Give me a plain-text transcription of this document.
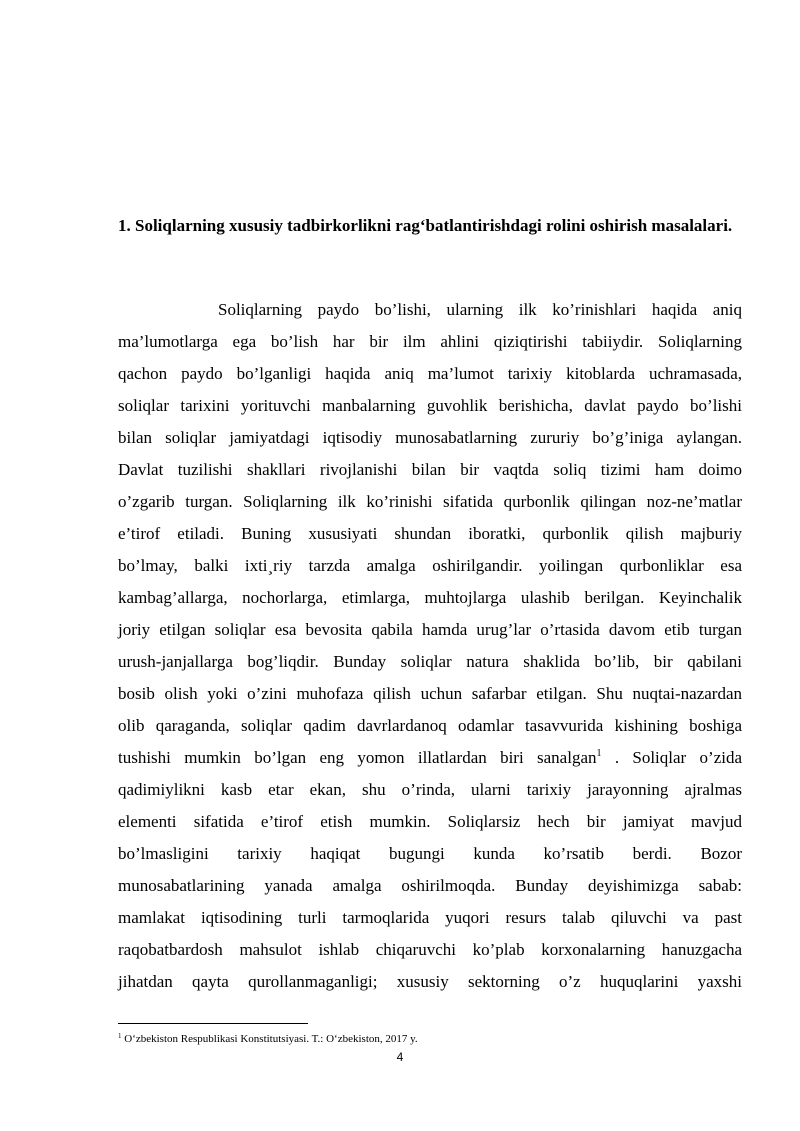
1. Soliqlarning xususiy tadbirkorlikni rag‘batlantirishdagi rolini oshirish masalalari.
Soliqlarning paydo bo’lishi, ularning ilk ko’rinishlari haqida aniq
ma’lumotlarga ega bo’lish har bir ilm ahlini qiziqtirishi tabiiydir. Soliqlarning
qachon paydo bo’lganligi haqida aniq ma’lumot tarixiy kitoblarda uchramasada,
soliqlar tarixini yorituvchi manbalarning guvohlik berishicha, davlat paydo bo’lishi
bilan soliqlar jamiyatdagi iqtisodiy munosabatlarning zururiy bo’g’iniga aylangan.
Davlat tuzilishi shakllari rivojlanishi bilan bir vaqtda soliq tizimi ham doimo
o’zgarib turgan. Soliqlarning ilk ko’rinishi sifatida qurbonlik qilingan noz-ne’matlar
e’tirof etiladi. Buning xususiyati shundan iboratki, qurbonlik qilish majburiy
bo’lmay, balki ixti¸riy tarzda amalga oshirilgandir. yoilingan qurbonliklar esa
kambag’allarga, nochorlarga, etimlarga, muhtojlarga ulashib berilgan. Keyinchalik
joriy etilgan soliqlar esa bevosita qabila hamda urug’lar o’rtasida davom etib turgan
urush-janjallarga bog’liqdir. Bunday soliqlar natura shaklida bo’lib, bir qabilani
bosib olish yoki o’zini muhofaza qilish uchun safarbar etilgan. Shu nuqtai-nazardan
olib qaraganda, soliqlar qadim davrlardanoq odamlar tasavvurida kishining boshiga
tushishi mumkin bo’lgan eng yomon illatlardan biri sanalgan$^1$ . Soliqlar o’zida
qadimiylikni kasb etar ekan, shu o’rinda, ularni tarixiy jarayonning ajralmas
elementi sifatida e’tirof etish mumkin. Soliqlarsiz hech bir jamiyat mavjud
bo’lmasligini tarixiy haqiqat bugungi kunda ko’rsatib berdi. Bozor
munosabatlarining yanada amalga oshirilmoqda. Bunday deyishimizga sabab:
mamlakat iqtisodining turli tarmoqlarida yuqori resurs talab qiluvchi va past
raqobatbardosh mahsulot ishlab chiqaruvchi ko’plab korxonalarning hanuzgacha
jihatdan qayta qurollanmaganligi; xususiy sektorning o’z huquqlarini yaxshi
$^1$ O‘zbekiston Respublikasi Konstitutsiyasi. T.: O‘zbekiston, 2017 y.
4
